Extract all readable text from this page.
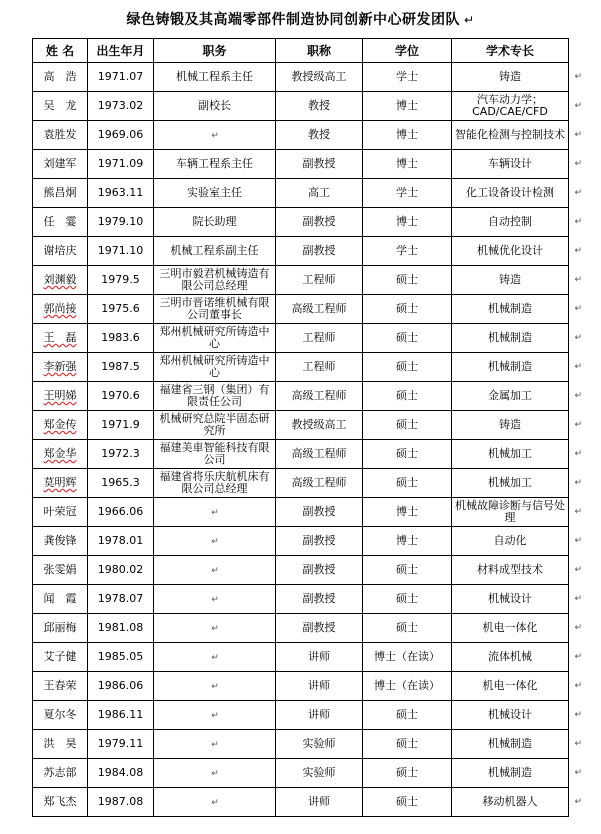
绿色铸锻及其高端零部件制造协同创新中心研发团队 ↵
姓 名	出生年月	职务	职称	学位	学术专长
高　浩	1971.07	机械工程系主任	教授级高工	学士	铸造 ↵

吴　龙	1973.02	副校长	教授	博士	汽车动力学；CAD/CAE/CFD ↵

袁胜发	1969.06	↵	教授	博士	智能化检测与控制技术 ↵

刘建军	1971.09	车辆工程系主任	副教授	博士	车辆设计 ↵

熊昌炯	1963.11	实验室主任	高工	学士	化工设备设计检测 ↵

任　霎	1979.10	院长助理	副教授	博士	自动控制 ↵

谢培庆	1971.10	机械工程系副主任	副教授	学士	机械优化设计 ↵

刘渊毅	1979.5	三明市毅君机械铸造有限公司总经理	工程师	硕士	铸造 ↵

郭尚接	1975.6	三明市晋诺维机械有限公司董事长	高级工程师	硕士	机械制造 ↵

王　磊	1983.6	郑州机械研究所铸造中心	工程师	硕士	机械制造 ↵

李新强	1987.5	郑州机械研究所铸造中心	工程师	硕士	机械制造 ↵

王明娣	1970.6	福建省三钢（集团）有限责任公司	高级工程师	硕士	金属加工 ↵

郑金传	1971.9	机械研究总院半固态研究所	教授级高工	硕士	铸造 ↵

郑金华	1972.3	福建美車智能科技有限公司	高级工程师	硕士	机械加工 ↵

莫明辉	1965.3	福建省将乐庆航机床有限公司总经理	高级工程师	硕士	机械加工 ↵

叶荣冠	1966.06	↵	副教授	博士	机械故障诊断与信号处理 ↵

龚俊锋	1978.01	↵	副教授	博士	自动化 ↵

张雯娟	1980.02	↵	副教授	硕士	材料成型技术 ↵

闻　霞	1978.07	↵	副教授	硕士	机械设计 ↵

邱丽梅	1981.08	↵	副教授	硕士	机电一体化 ↵

艾子健	1985.05	↵	讲师	博士（在读）	流体机械 ↵

王春荣	1986.06	↵	讲师	博士（在读）	机电一体化 ↵

夏尔冬	1986.11	↵	讲师	硕士	机械设计 ↵

洪　昊	1979.11	↵	实验师	硕士	机械制造 ↵

苏志部	1984.08	↵	实验师	硕士	机械制造 ↵

郑飞杰	1987.08	↵	讲师	硕士	移动机器人 ↵
